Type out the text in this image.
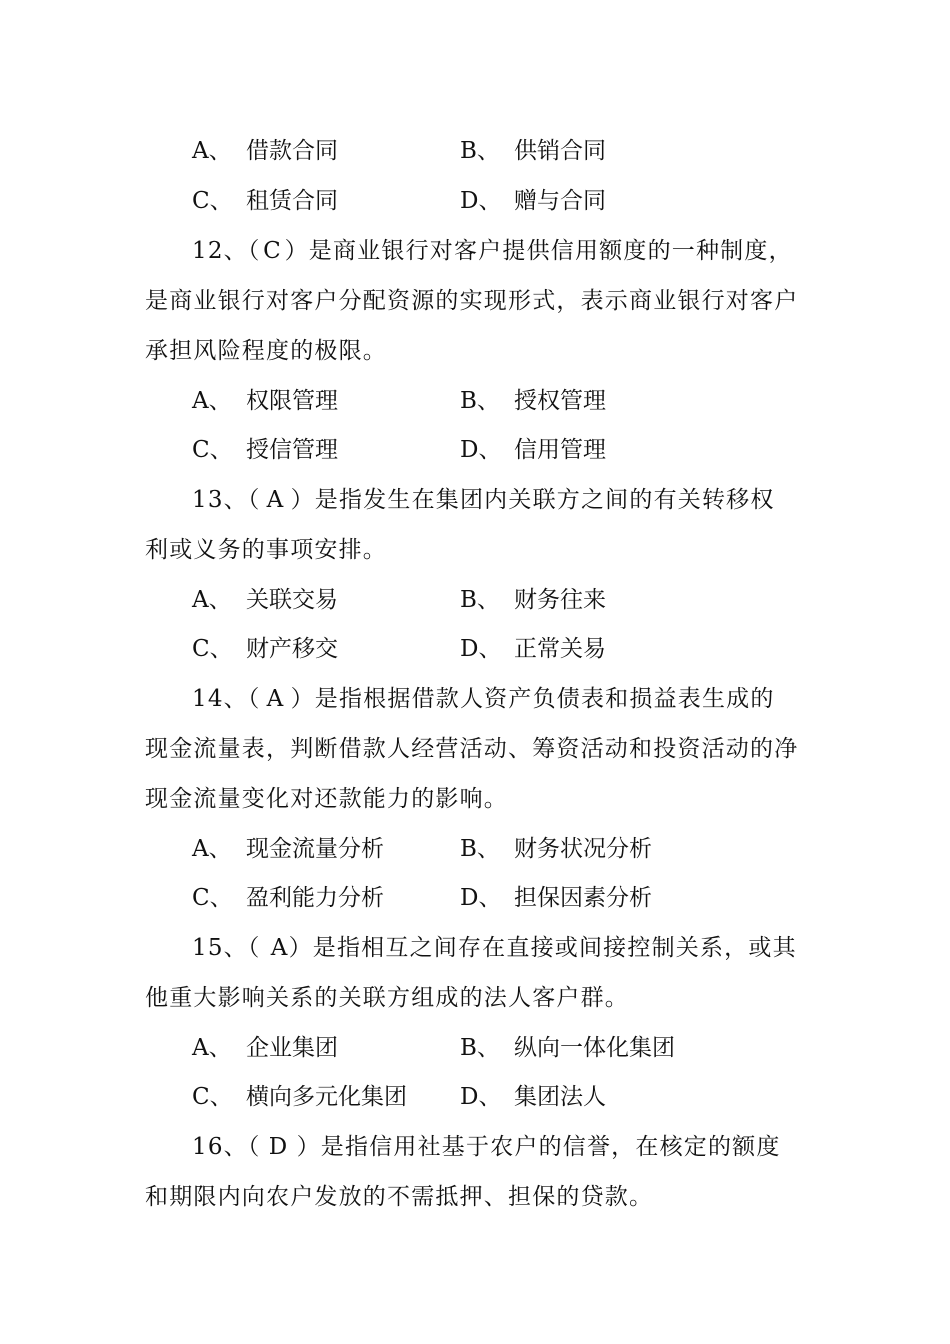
A、 借款合同	B、 供销合同
C、 租赁合同	D、 赠与合同
12、（ C ）是商业银行对客户提供信用额度的一种制度，
是商业银行对客户分配资源的实现形式，表示商业银行对客户
承担风险程度的极限。
A、 权限管理	B、 授权管理
C、 授信管理	D、 信用管理
13、（ A ）是指发生在集团内关联方之间的有关转移权
利或义务的事项安排。
A、 关联交易	B、 财务往来
C、 财产移交	D、 正常关易
14、（ A ）是指根据借款人资产负债表和损益表生成的
现金流量表，判断借款人经营活动、筹资活动和投资活动的净
现金流量变化对还款能力的影响。
A、 现金流量分析	B、 财务状况分析
C、 盈利能力分析	D、 担保因素分析
15、（ A）是指相互之间存在直接或间接控制关系，或其
他重大影响关系的关联方组成的法人客户群。
A、 企业集团	B、 纵向一体化集团
C、 横向多元化集团 D、 集团法人
16、（ D ）是指信用社基于农户的信誉，在核定的额度
和期限内向农户发放的不需抵押、担保的贷款。
